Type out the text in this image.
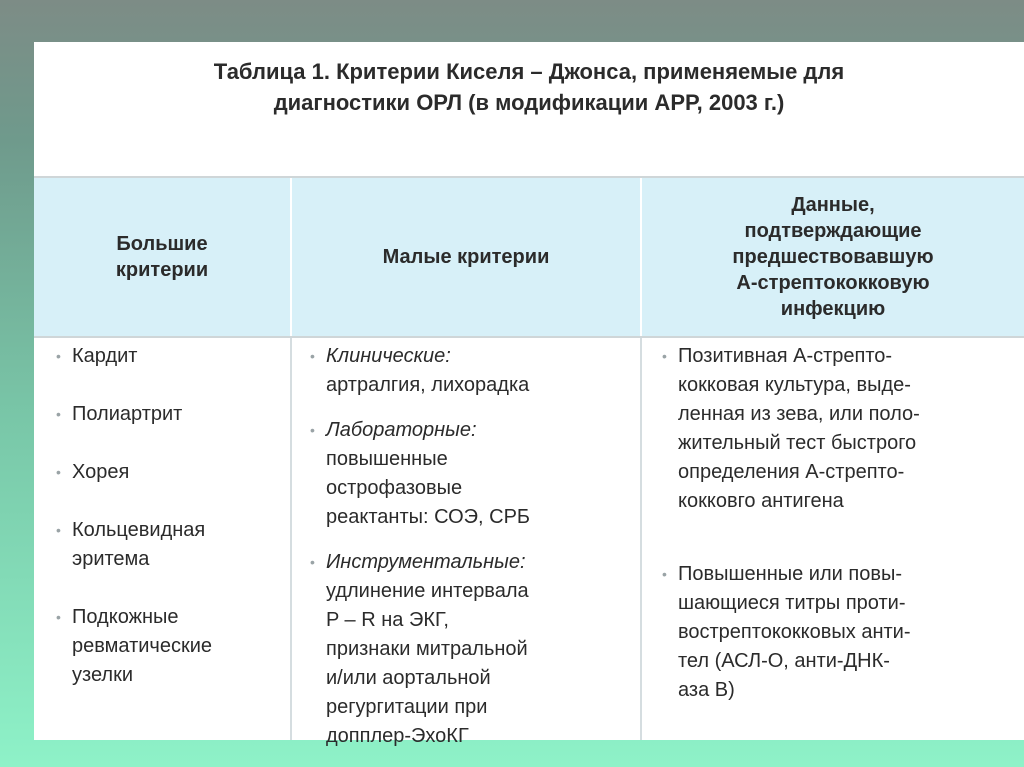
Таблица 1. Критерии Киселя – Джонса, применяемые для
диагностики ОРЛ (в модификации АРР, 2003 г.)
Большие
критерии
Малые критерии
Данные,
подтверждающие
предшествовавшую
А-стрептококковую
инфекцию
• Кардит
• Полиартрит
• Хорея
• Кольцевидная
эритема
• Подкожные
ревматические
узелки
• Клинические:
артралгия, лихорадка
• Лабораторные:
повышенные
острофазовые
реактанты: СОЭ, СРБ
• Инструментальные:
удлинение интервала
P – R на ЭКГ,
признаки митральной
и/или аортальной
регургитации при
допплер-ЭхоКГ
• Позитивная А-стрепто-
кокковая культура, выде-
ленная из зева, или поло-
жительный тест быстрого
определения А-стрепто-
кокковго антигена
• Повышенные или повы-
шающиеся титры проти-
вострептококковых анти-
тел (АСЛ-О, анти-ДНК-
аза В)
